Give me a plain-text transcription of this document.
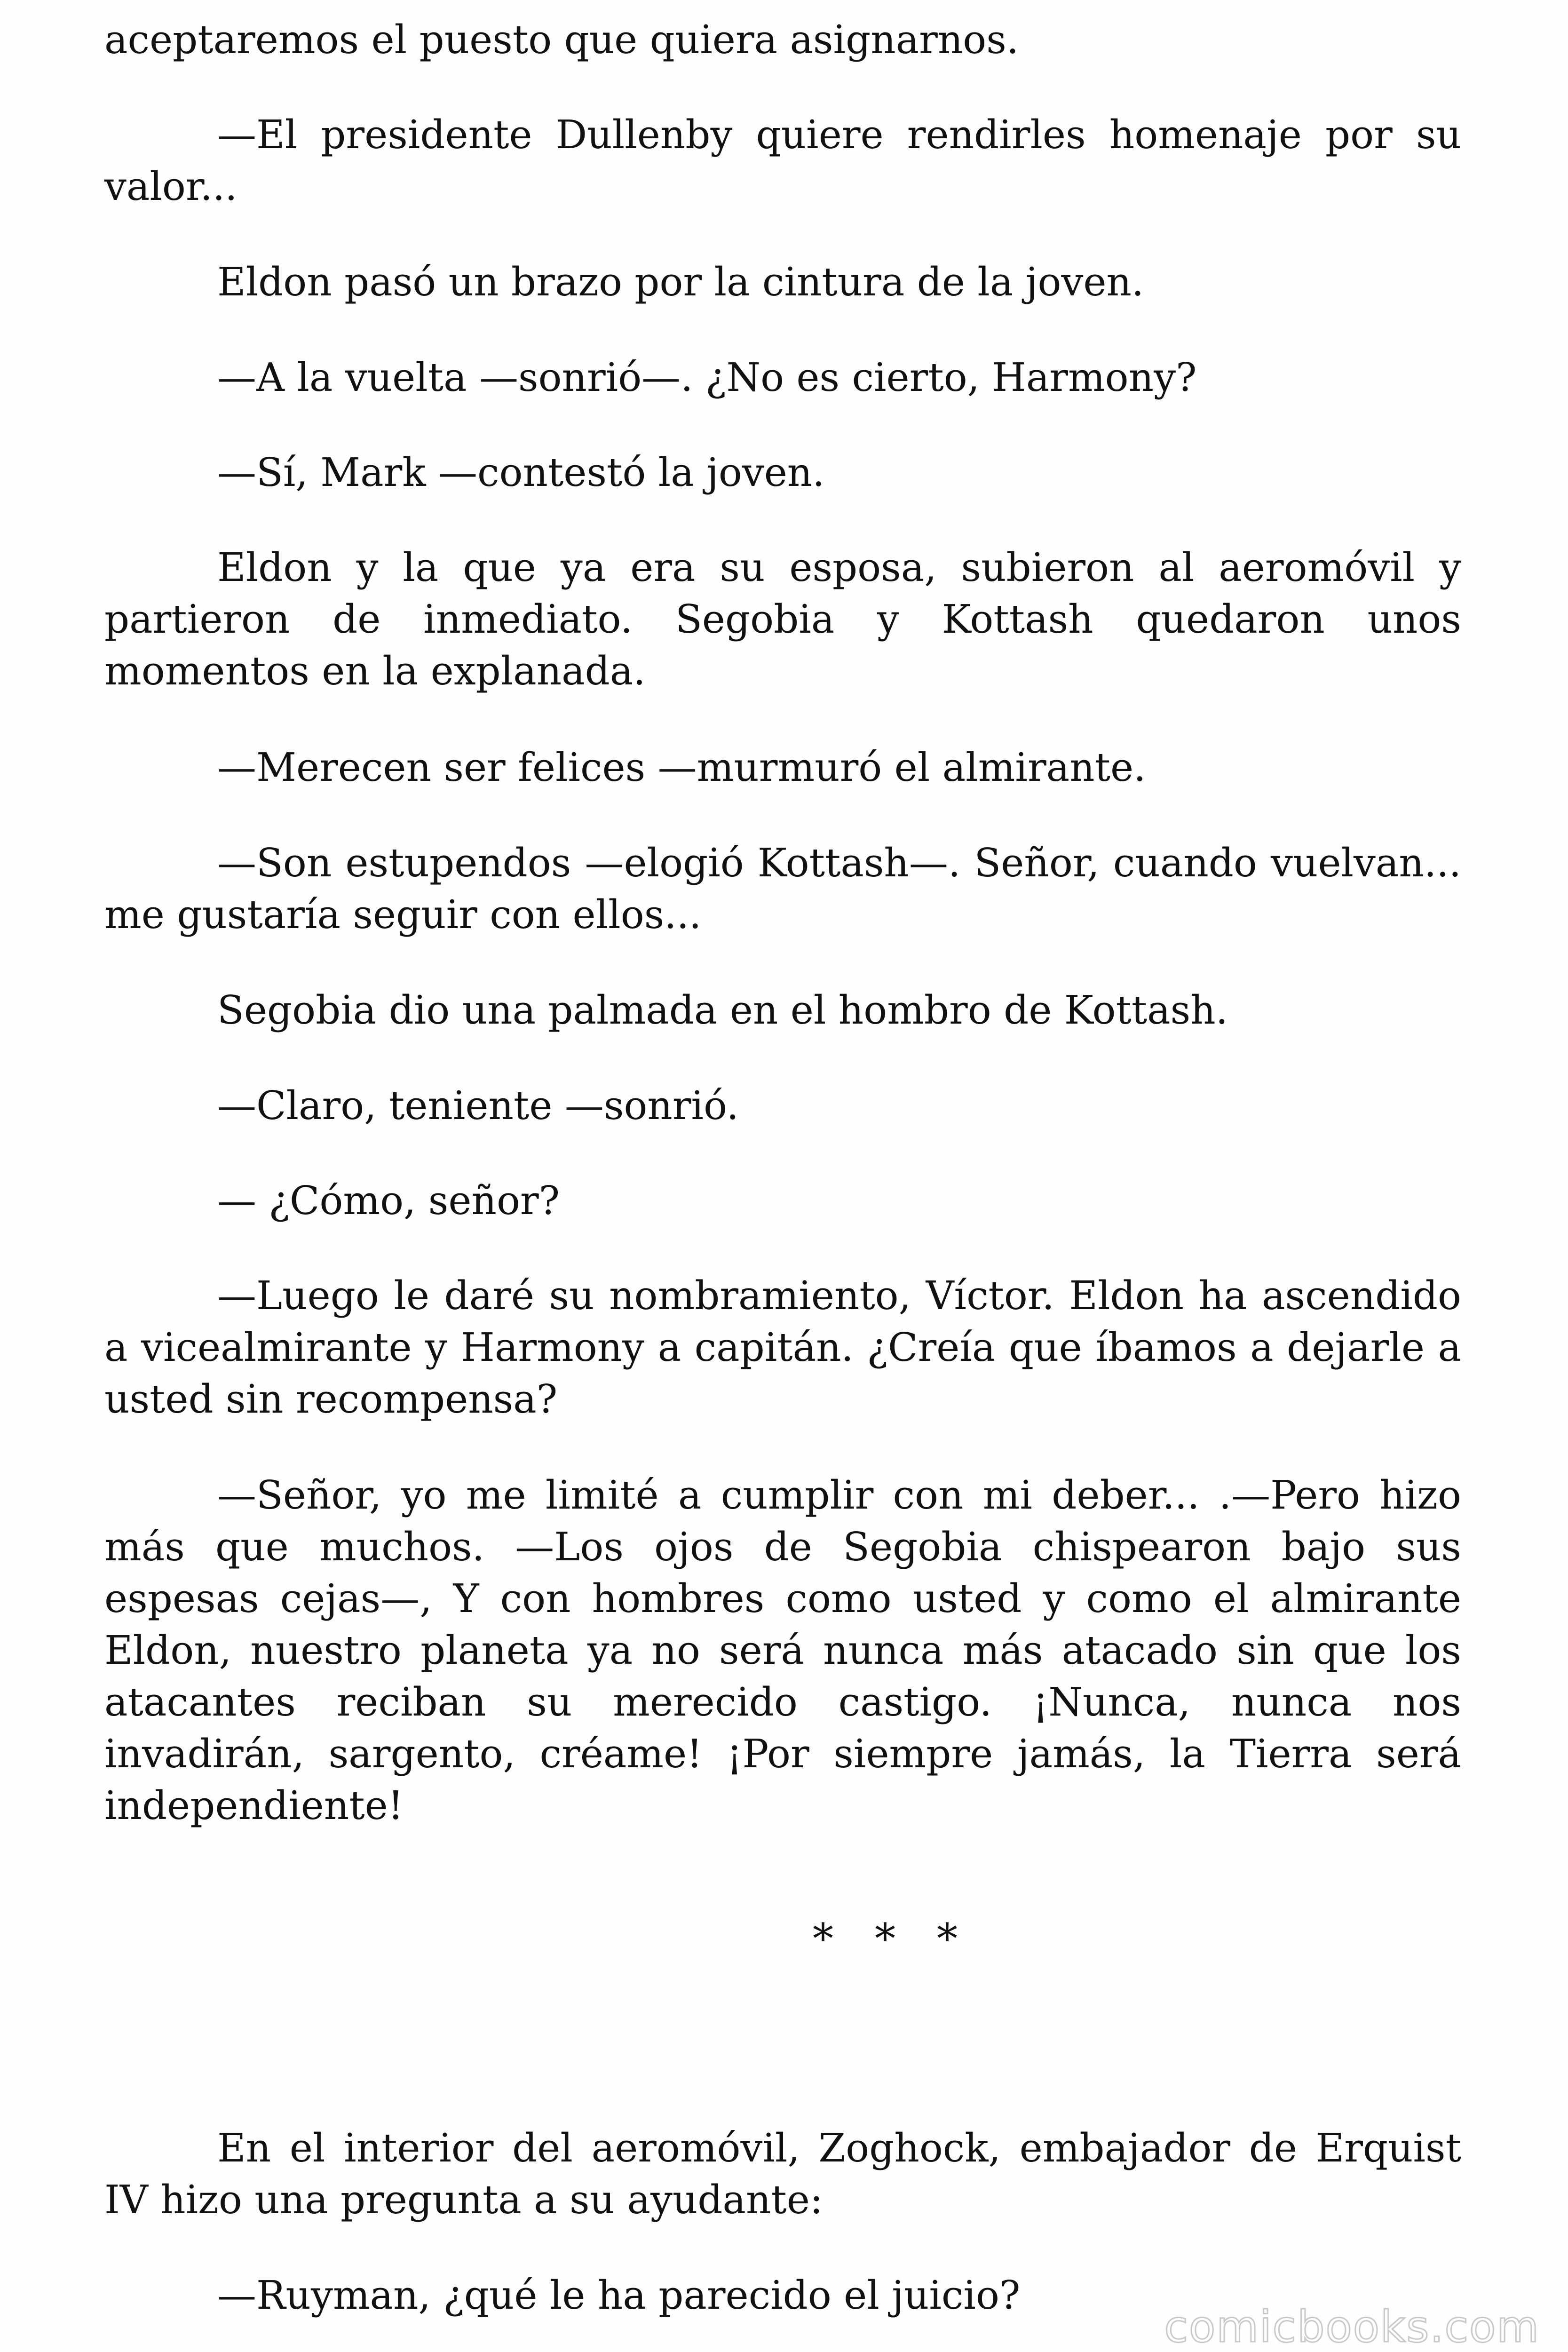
aceptaremos el puesto que quiera asignarnos.

—El presidente Dullenby quiere rendirles homenaje por su valor...

Eldon pasó un brazo por la cintura de la joven.

—A la vuelta —sonrió—. ¿No es cierto, Harmony?

—Sí, Mark —contestó la joven.

Eldon y la que ya era su esposa, subieron al aeromóvil y partieron de inmediato. Segobia y Kottash quedaron unos momentos en la explanada.

—Merecen ser felices —murmuró el almirante.

—Son estupendos —elogió Kottash—. Señor, cuando vuelvan... me gustaría seguir con ellos...

Segobia dio una palmada en el hombro de Kottash.

—Claro, teniente —sonrió.

— ¿Cómo, señor?

—Luego le daré su nombramiento, Víctor. Eldon ha ascendido a vicealmirante y Harmony a capitán. ¿Creía que íbamos a dejarle a usted sin recompensa?

—Señor, yo me limité a cumplir con mi deber... .—Pero hizo más que muchos. —Los ojos de Segobia chispearon bajo sus espesas cejas—, Y con hombres como usted y como el almirante Eldon, nuestro planeta ya no será nunca más atacado sin que los atacantes reciban su merecido castigo. ¡Nunca, nunca nos invadirán, sargento, créame! ¡Por siempre jamás, la Tierra será independiente!

* * *

En el interior del aeromóvil, Zoghock, embajador de Erquist IV hizo una pregunta a su ayudante:

—Ruyman, ¿qué le ha parecido el juicio?

comicbooks.com
